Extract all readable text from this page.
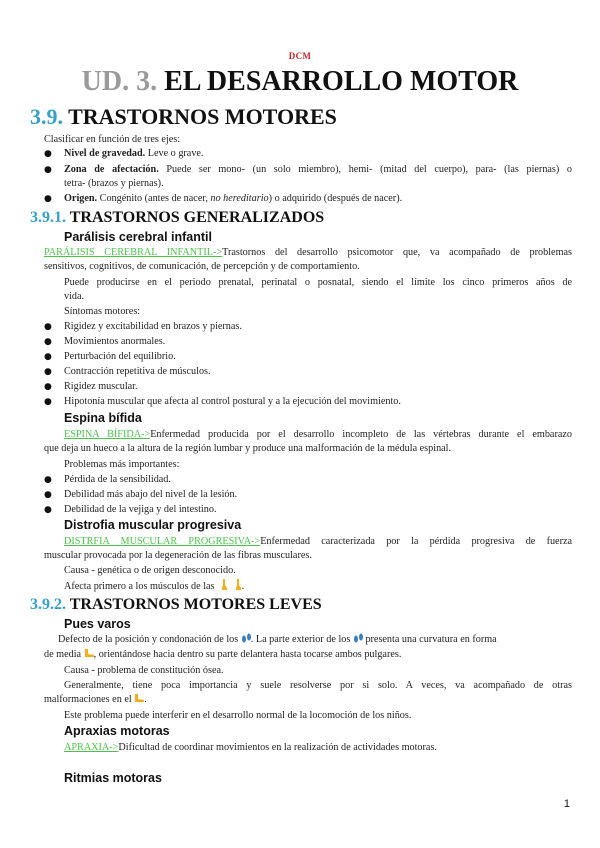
DCM
UD. 3. EL DESARROLLO MOTOR
3.9. TRASTORNOS MOTORES
Clasificar en función de tres ejes:
● Nivel de gravedad. Leve o grave.
● Zona de afectación. Puede ser mono- (un solo miembro), hemi- (mitad del cuerpo), para- (las piernas) o
tetra- (brazos y piernas).
● Origen. Congénito (antes de nacer, no hereditario) o adquirido (después de nacer).
3.9.1. TRASTORNOS GENERALIZADOS
Parálisis cerebral infantil
PARÁLISIS CEREBRAL INFANTIL->Trastornos del desarrollo psicomotor que, va acompañado de problemas
sensitivos, cognitivos, de comunicación, de percepción y de comportamiento.
Puede producirse en el periodo prenatal, perinatal o posnatal, siendo el límite los cinco primeros años de
vida.
Síntomas motores:
● Rigidez y excitabilidad en brazos y piernas.
● Movimientos anormales.
● Perturbación del equilibrio.
● Contracción repetitiva de músculos.
● Rigidez muscular.
● Hipotonía muscular que afecta al control postural y a la ejecución del movimiento.
Espina bífida
ESPINA BÍFIDA->Enfermedad producida por el desarrollo incompleto de las vértebras durante el embarazo
que deja un hueco a la altura de la región lumbar y produce una malformación de la médula espinal.
Problemas más importantes:
● Pérdida de la sensibilidad.
● Debilidad más abajo del nivel de la lesión.
● Debilidad de la vejiga y del intestino.
Distrofia muscular progresiva
DISTRFIA MUSCULAR PROGRESIVA->Enfermedad caracterizada por la pérdida progresiva de fuerza
muscular provocada por la degeneración de las fibras musculares.
Causa - genética o de origen desconocido.
Afecta primero a los músculos de las
	.
3.9.2. TRASTORNOS MOTORES LEVES
Pues varos
Defecto de la posición y condonación de los . La parte exterior de los presenta una curvatura en forma
de media , orientándose hacia dentro su parte delantera hasta tocarse ambos pulgares.
Causa - problema de constitución ósea.
Generalmente, tiene poca importancia y suele resolverse por si solo. A veces, va acompañado de otras
malformaciones en el .
Este problema puede interferir en el desarrollo normal de la locomoción de los niños.
Apraxias motoras
APRAXIA->Dificultad de coordinar movimientos en la realización de actividades motoras.
Ritmias motoras
1
